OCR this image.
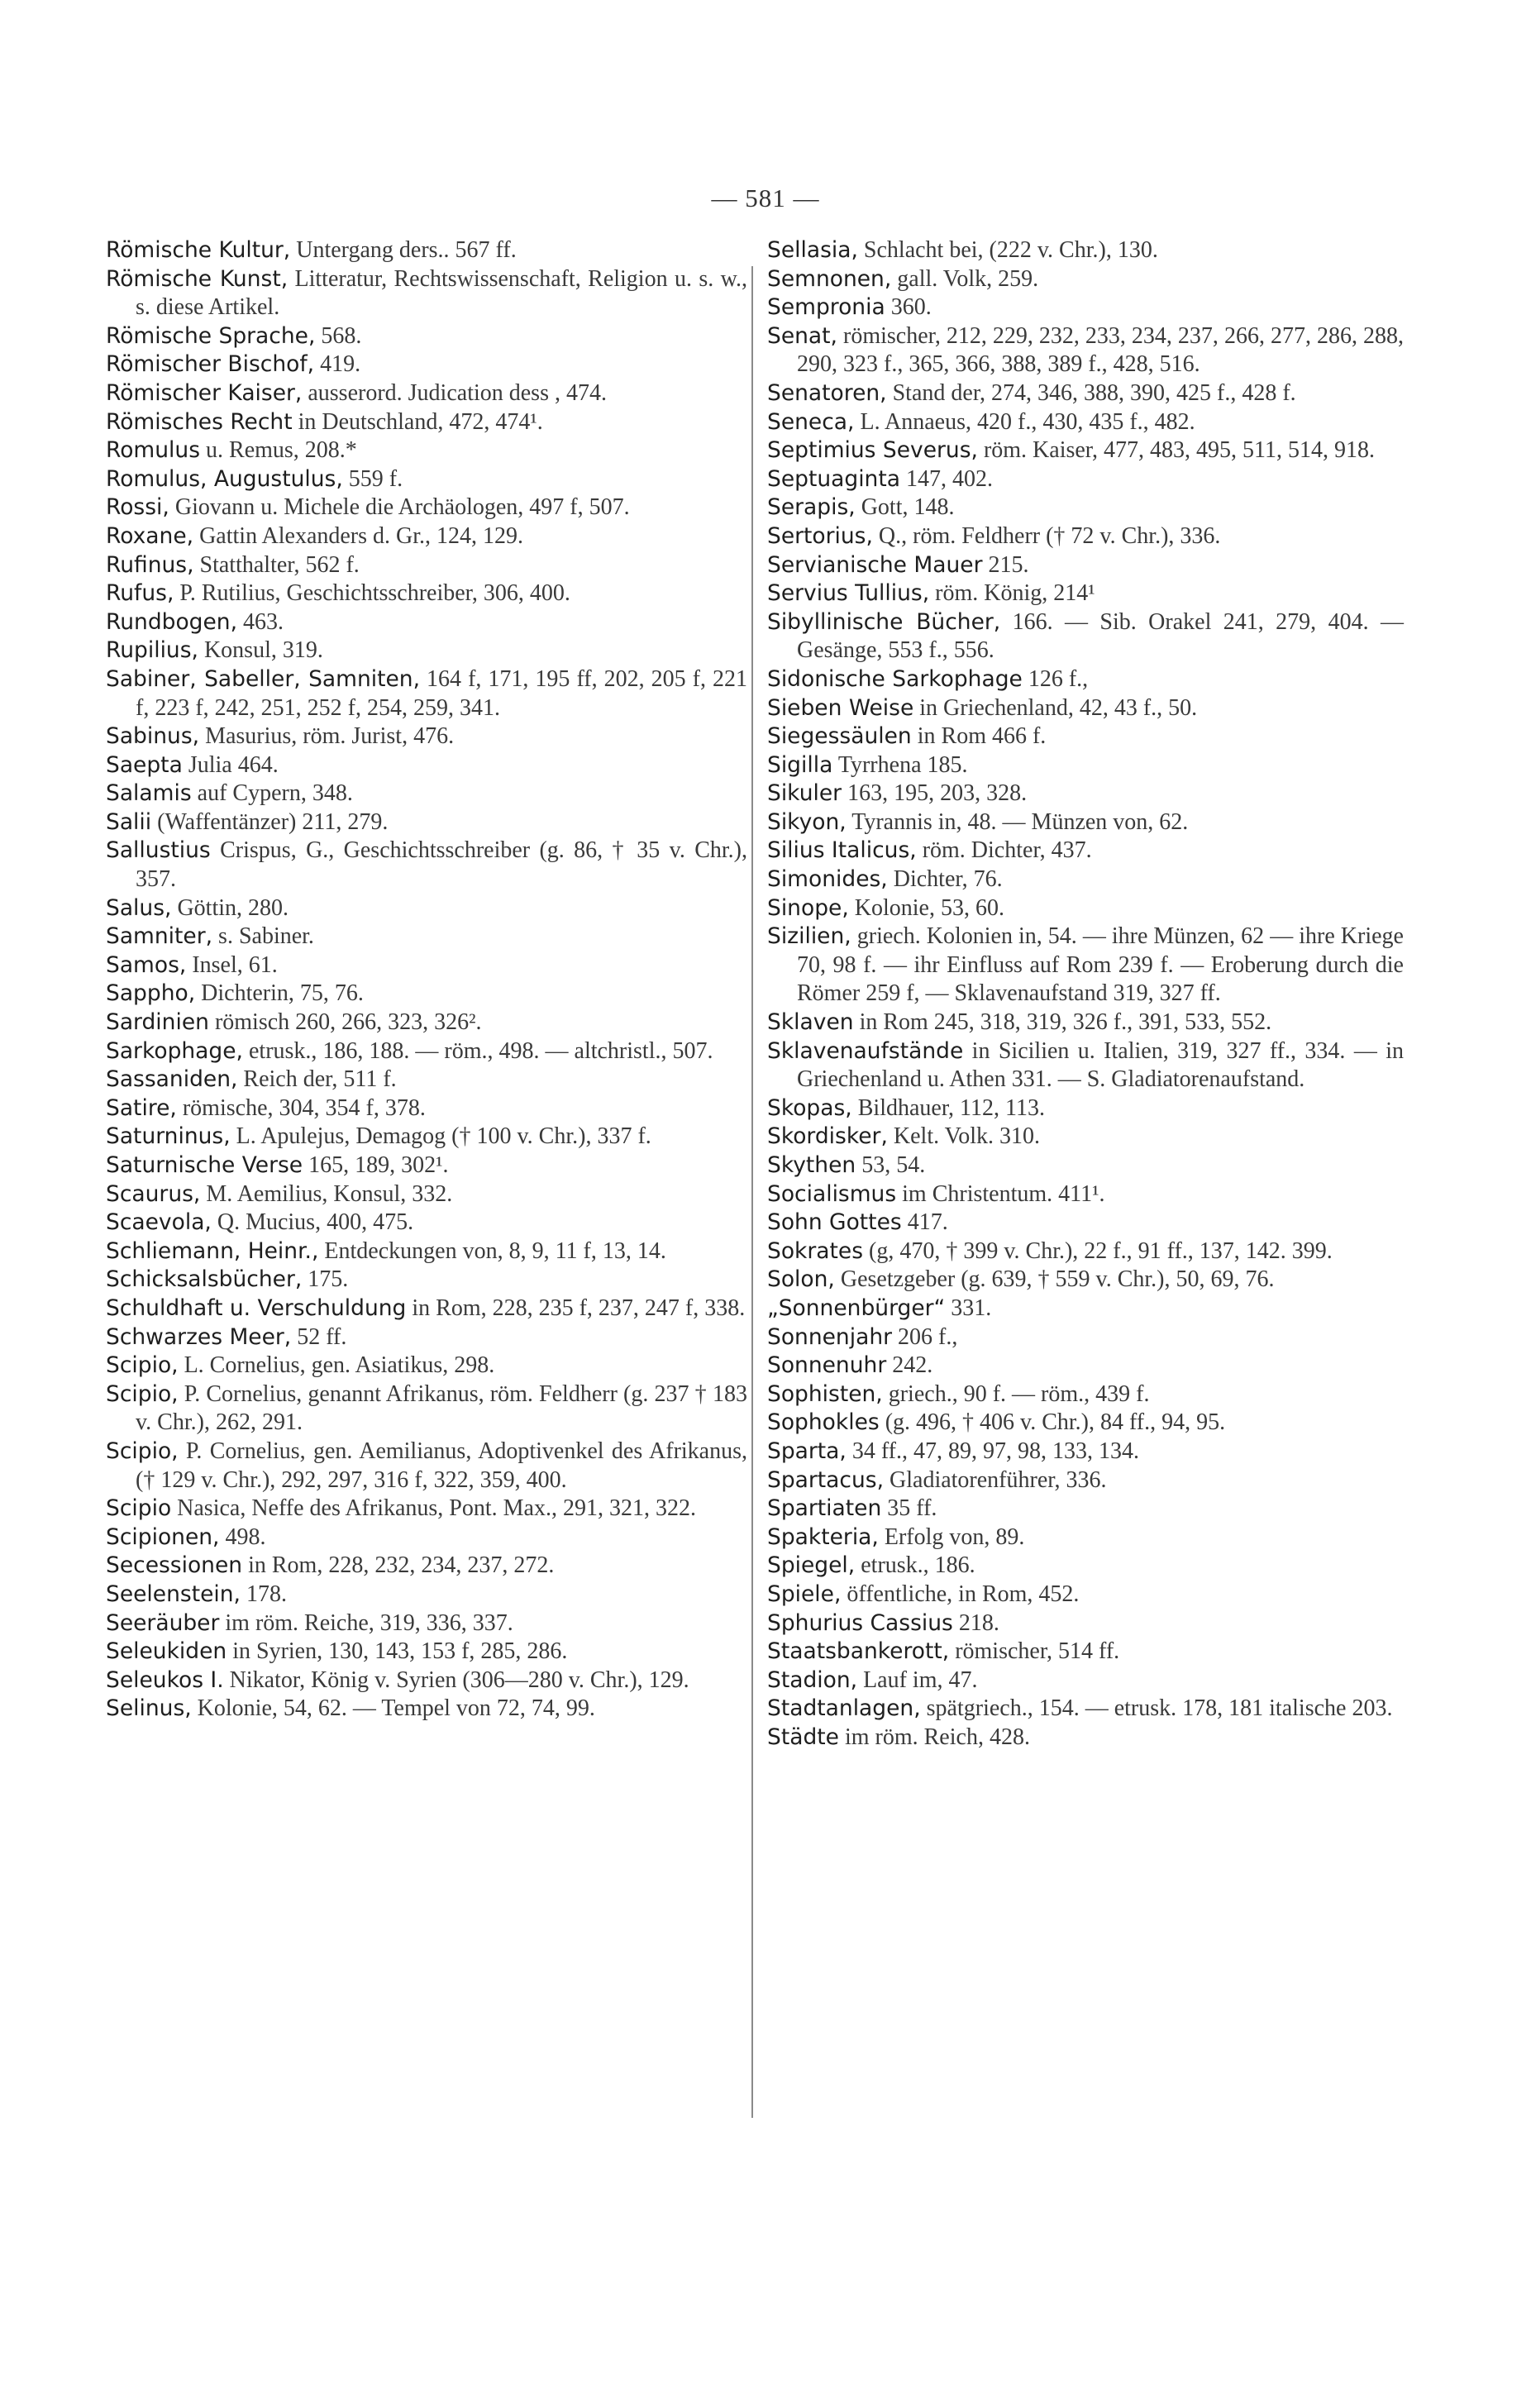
— 581 —

Römische Kultur, Untergang ders.. 567 ff.

Römische Kunst, Litteratur, Rechtswissenschaft, Religion u. s. w., s. diese Artikel.

Römische Sprache, 568.

Römischer Bischof, 419.

Römischer Kaiser, ausserord. Judication dess , 474.

Römisches Recht in Deutschland, 472, 474¹.

Romulus u. Remus, 208.*

Romulus, Augustulus, 559 f.

Rossi, Giovann u. Michele die Archäologen, 497 f, 507.

Roxane, Gattin Alexanders d. Gr., 124, 129.

Rufinus, Statthalter, 562 f.

Rufus, P. Rutilius, Geschichtsschreiber, 306, 400.

Rundbogen, 463.

Rupilius, Konsul, 319.

Sabiner, Sabeller, Samniten, 164 f, 171, 195 ff, 202, 205 f, 221 f, 223 f, 242, 251, 252 f, 254, 259, 341.

Sabinus, Masurius, röm. Jurist, 476.

Saepta Julia 464.

Salamis auf Cypern, 348.

Salii (Waffentänzer) 211, 279.

Sallustius Crispus, G., Geschichtsschreiber (g. 86, † 35 v. Chr.), 357.

Salus, Göttin, 280.

Samniter, s. Sabiner.

Samos, Insel, 61.

Sappho, Dichterin, 75, 76.

Sardinien römisch 260, 266, 323, 326².

Sarkophage, etrusk., 186, 188. — röm., 498. — altchristl., 507.

Sassaniden, Reich der, 511 f.

Satire, römische, 304, 354 f, 378.

Saturninus, L. Apulejus, Demagog († 100 v. Chr.), 337 f.

Saturnische Verse 165, 189, 302¹.

Scaurus, M. Aemilius, Konsul, 332.

Scaevola, Q. Mucius, 400, 475.

Schliemann, Heinr., Entdeckungen von, 8, 9, 11 f, 13, 14.

Schicksalsbücher, 175.

Schuldhaft u. Verschuldung in Rom, 228, 235 f, 237, 247 f, 338.

Schwarzes Meer, 52 ff.

Scipio, L. Cornelius, gen. Asiatikus, 298.

Scipio, P. Cornelius, genannt Afrikanus, röm. Feldherr (g. 237 † 183 v. Chr.), 262, 291.

Scipio, P. Cornelius, gen. Aemilianus, Adoptivenkel des Afrikanus, († 129 v. Chr.), 292, 297, 316 f, 322, 359, 400.

Scipio Nasica, Neffe des Afrikanus, Pont. Max., 291, 321, 322.

Scipionen, 498.

Secessionen in Rom, 228, 232, 234, 237, 272.

Seelenstein, 178.

Seeräuber im röm. Reiche, 319, 336, 337.

Seleukiden in Syrien, 130, 143, 153 f, 285, 286.

Seleukos I. Nikator, König v. Syrien (306—280 v. Chr.), 129.

Selinus, Kolonie, 54, 62. — Tempel von 72, 74, 99.

Sellasia, Schlacht bei, (222 v. Chr.), 130.

Semnonen, gall. Volk, 259.

Sempronia 360.

Senat, römischer, 212, 229, 232, 233, 234, 237, 266, 277, 286, 288, 290, 323 f., 365, 366, 388, 389 f., 428, 516.

Senatoren, Stand der, 274, 346, 388, 390, 425 f., 428 f.

Seneca, L. Annaeus, 420 f., 430, 435 f., 482.

Septimius Severus, röm. Kaiser, 477, 483, 495, 511, 514, 918.

Septuaginta 147, 402.

Serapis, Gott, 148.

Sertorius, Q., röm. Feldherr († 72 v. Chr.), 336.

Servianische Mauer 215.

Servius Tullius, röm. König, 214¹

Sibyllinische Bücher, 166. — Sib. Orakel 241, 279, 404. — Gesänge, 553 f., 556.

Sidonische Sarkophage 126 f.,

Sieben Weise in Griechenland, 42, 43 f., 50.

Siegessäulen in Rom 466 f.

Sigilla Tyrrhena 185.

Sikuler 163, 195, 203, 328.

Sikyon, Tyrannis in, 48. — Münzen von, 62.

Silius Italicus, röm. Dichter, 437.

Simonides, Dichter, 76.

Sinope, Kolonie, 53, 60.

Sizilien, griech. Kolonien in, 54. — ihre Münzen, 62 — ihre Kriege 70, 98 f. — ihr Einfluss auf Rom 239 f. — Eroberung durch die Römer 259 f, — Sklavenaufstand 319, 327 ff.

Sklaven in Rom 245, 318, 319, 326 f., 391, 533, 552.

Sklavenaufstände in Sicilien u. Italien, 319, 327 ff., 334. — in Griechenland u. Athen 331. — S. Gladiatorenaufstand.

Skopas, Bildhauer, 112, 113.

Skordisker, Kelt. Volk. 310.

Skythen 53, 54.

Socialismus im Christentum. 411¹.

Sohn Gottes 417.

Sokrates (g, 470, † 399 v. Chr.), 22 f., 91 ff., 137, 142. 399.

Solon, Gesetzgeber (g. 639, † 559 v. Chr.), 50, 69, 76.

„Sonnenbürger“ 331.

Sonnenjahr 206 f.,

Sonnenuhr 242.

Sophisten, griech., 90 f. — röm., 439 f.

Sophokles (g. 496, † 406 v. Chr.), 84 ff., 94, 95.

Sparta, 34 ff., 47, 89, 97, 98, 133, 134.

Spartacus, Gladiatorenführer, 336.

Spartiaten 35 ff.

Spakteria, Erfolg von, 89.

Spiegel, etrusk., 186.

Spiele, öffentliche, in Rom, 452.

Sphurius Cassius 218.

Staatsbankerott, römischer, 514 ff.

Stadion, Lauf im, 47.

Stadtanlagen, spätgriech., 154. — etrusk. 178, 181 italische 203.

Städte im röm. Reich, 428.
